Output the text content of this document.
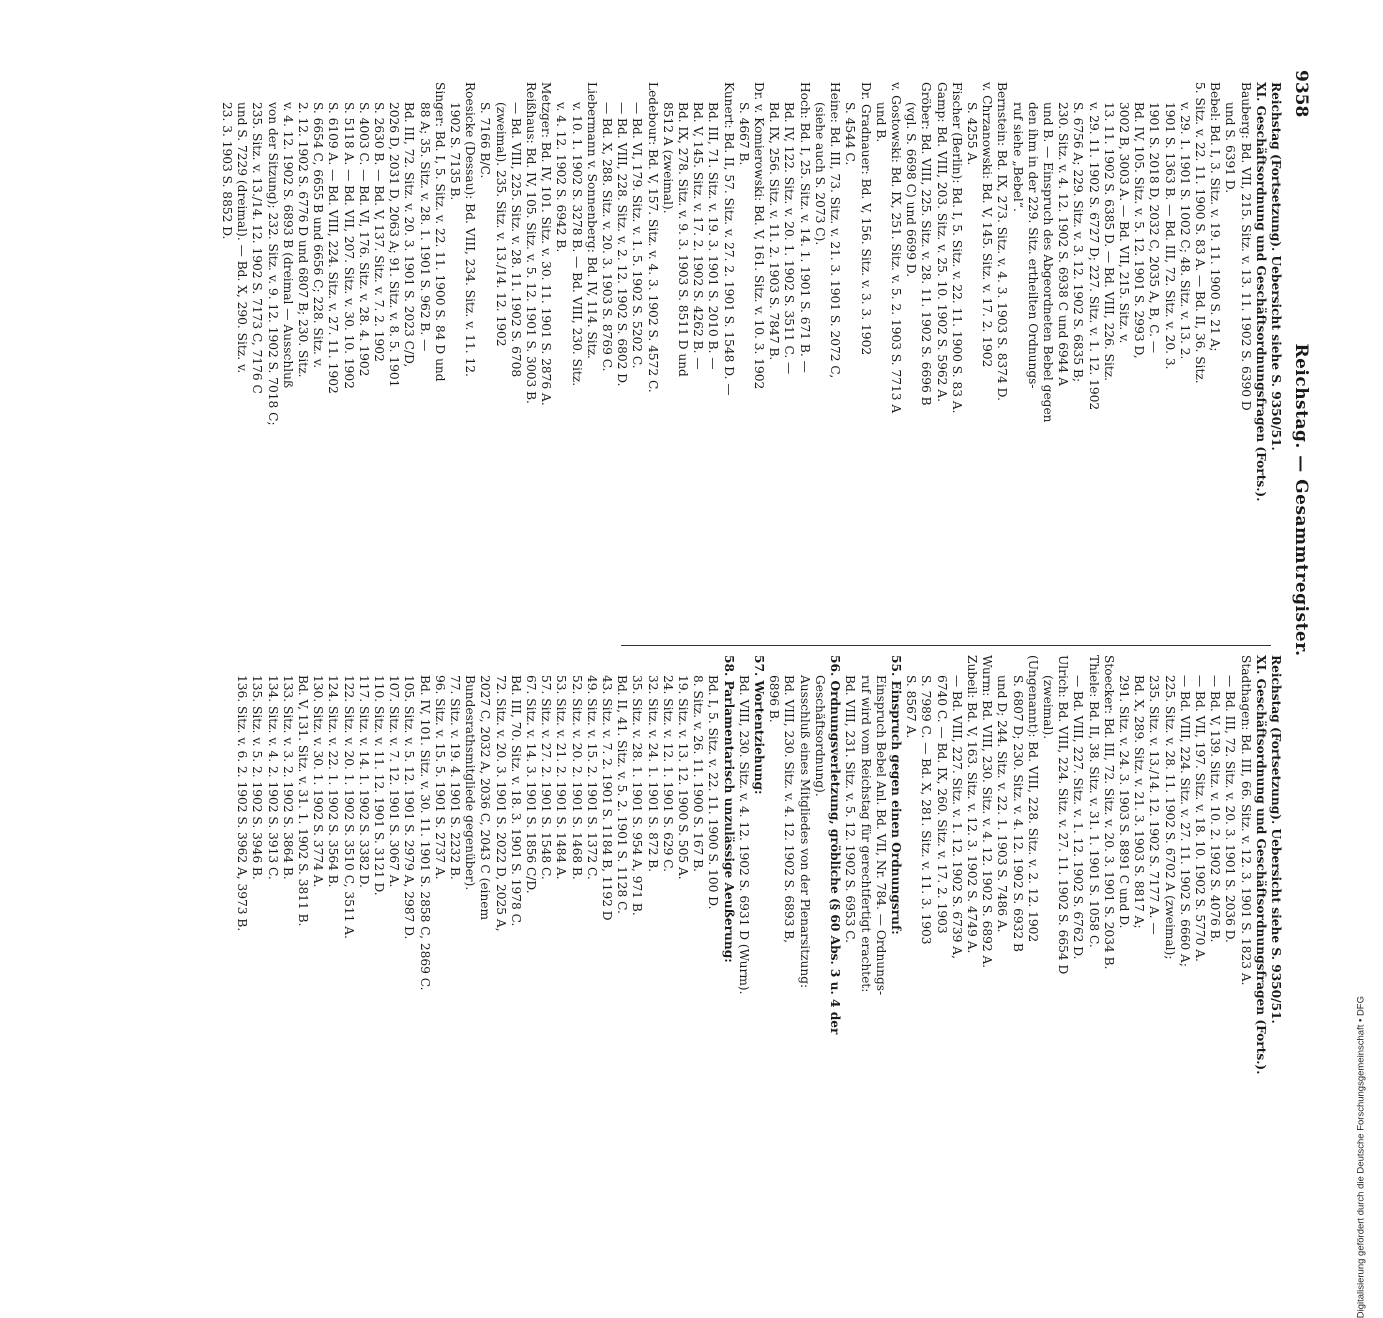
9358
Reichstag. — Gesammtregister.
Reichstag (Fortsetzung). Uebersicht siehe S. 9350/51.
XI. Geschäftsordnung und Geschäftsordnungsfragen (Forts.).
Bauberg: Bd. VII, 215. Sitz. v. 13. 11. 1902 S. 6390 D
und S. 6391 D.
Bebel: Bd. I, 3. Sitz. v. 19. 11. 1900 S. 21 A;
5. Sitz. v. 22. 11. 1900 S. 83 A. — Bd. II, 36. Sitz.
v. 29. 1. 1901 S. 1002 C; 48. Sitz. v. 13. 2.
1901 S. 1363 B. — Bd. III, 72. Sitz. v. 20. 3.
1901 S. 2018 D, 2032 C, 2035 A, B, C. —
Bd. IV, 105. Sitz. v. 5. 12. 1901 S. 2993 D,
3002 B, 3003 A. — Bd. VII, 215. Sitz. v.
13. 11. 1902 S. 6385 D. — Bd. VIII, 226. Sitz.
v. 29. 11. 1902 S. 6727 D; 227. Sitz. v. 1. 12. 1902
S. 6756 A; 229. Sitz. v. 3. 12. 1902 S. 6835 B;
230. Sitz. v. 4. 12. 1902 S. 6938 C und 6944 A
und B. — Einspruch des Abgeordneten Bebel gegen
den ihm in der 229. Sitz. ertheilten Ordnungs-
ruf siehe „Bebel“.
Bernstein: Bd. IX, 273. Sitz. v. 4. 3. 1903 S. 8374 D.
v. Chrzanowski: Bd. V, 145. Sitz. v. 17. 2. 1902
S. 4255 A.
Fischer (Berlin): Bd. I, 5. Sitz. v. 22. 11. 1900 S. 83 A.
Gamp: Bd. VIII, 203. Sitz. v. 25. 10. 1902 S. 5962 A.
Gröber: Bd. VIII, 225. Sitz. v. 28. 11. 1902 S. 6696 B
(vgl. S. 6698 C) und 6699 D.
v. Gostowski: Bd. IX, 251. Sitz. v. 5. 2. 1903 S. 7713 A
und B.
Dr. Gradnauer: Bd. V, 156. Sitz. v. 3. 3. 1902
S. 4544 C.
Heine: Bd. III, 73. Sitz. v. 21. 3. 1901 S. 2072 C,
(siehe auch S. 2073 C).
Hoch: Bd. I, 25. Sitz. v. 14. 1. 1901 S. 671 B. —
Bd. IV, 122. Sitz. v. 20. 1. 1902 S. 3511 C. —
Bd. IX, 256. Sitz. v. 11. 2. 1903 S. 7847 B.
Dr. v. Komierowski: Bd. V, 161. Sitz. v. 10. 3. 1902
S. 4667 B.
Kunert: Bd. II, 57. Sitz. v. 27. 2. 1901 S. 1548 D. —
Bd. III, 71. Sitz. v. 19. 3. 1901 S. 2010 B. —
Bd. V, 145. Sitz. v. 17. 2. 1902 S. 4262 B. —
Bd. IX, 278. Sitz. v. 9. 3. 1903 S. 8511 D und
8512 A (zweimal).
Ledebour: Bd. V, 157. Sitz. v. 4. 3. 1902 S. 4572 C.
— Bd. VI, 179. Sitz. v. 1. 5. 1902 S. 5202 C.
— Bd. VIII, 228. Sitz. v. 2. 12. 1902 S. 6802 D.
— Bd. X, 288. Sitz. v. 20. 3. 1903 S. 8769 C.
Liebermann v. Sonnenberg: Bd. IV, 114. Sitz.
v. 10. 1. 1902 S. 3278 B. — Bd. VIII, 230. Sitz.
v. 4. 12. 1902 S. 6942 B.
Metzger: Bd. IV, 101. Sitz. v. 30. 11. 1901 S. 2876 A.
Reißhaus: Bd. IV, 105. Sitz. v. 5. 12. 1901 S. 3003 B.
— Bd. VIII, 225. Sitz. v. 28. 11. 1902 S. 6708
(zweimal). 235. Sitz. v. 13./14. 12. 1902
S. 7166 B/C.
Roesicke (Dessau): Bd. VIII, 234. Sitz. v. 11. 12.
1902 S. 7135 B.
Singer: Bd. I, 5. Sitz. v. 22. 11. 1900 S. 84 D und
88 A; 35. Sitz. v. 28. 1. 1901 S. 962 B. —
Bd. III, 72. Sitz. v. 20. 3. 1901 S. 2023 C/D,
2026 D, 2031 D, 2063 A; 91. Sitz. v. 8. 5. 1901
S. 2630 B. — Bd. V, 137. Sitz. v. 7. 2. 1902
S. 4003 C. — Bd. VI, 176. Sitz. v. 28. 4. 1902
S. 5118 A. — Bd. VII, 207. Sitz. v. 30. 10. 1902
S. 6109 A. — Bd. VIII, 224. Sitz. v. 27. 11. 1902
S. 6654 C, 6655 B und 6656 C; 228. Sitz. v.
2. 12. 1902 S. 6776 D und 6807 B; 230. Sitz.
v. 4. 12. 1902 S. 6893 B (dreimal — Ausschluß
von der Sitzung); 232. Sitz. v. 9. 12. 1902 S. 7018 C;
235. Sitz. v. 13./14. 12. 1902 S. 7173 C, 7176 C
und S. 7229 (dreimal). — Bd. X, 290. Sitz. v.
23. 3. 1903 S. 8852 D.
Reichstag (Fortsetzung). Uebersicht siehe S. 9350/51.
XI. Geschäftsordnung und Geschäftsordnungsfragen (Forts.).
Stadthagen: Bd. III, 66. Sitz. v. 12. 3. 1901 S. 1823 A.
— Bd. III, 72. Sitz. v. 20. 3. 1901 S. 2036 D.
— Bd. V, 139. Sitz. v. 10. 2. 1902 S. 4076 B.
— Bd. VII, 197. Sitz. v. 18. 10. 1902 S. 5770 A.
— Bd. VIII, 224. Sitz. v. 27. 11. 1902 S. 6660 A;
225. Sitz. v. 28. 11. 1902 S. 6702 A (zweimal);
235. Sitz. v. 13./14. 12. 1902 S. 7177 A. —
Bd. X, 289. Sitz. v. 21. 3. 1903 S. 8817 A;
291. Sitz. v. 24. 3. 1903 S. 8891 C und D.
Stoecker: Bd. III, 72. Sitz. v. 20. 3. 1901 S. 2034 B.
Thiele: Bd. II, 38. Sitz. v. 31. 1. 1901 S. 1058 C.
— Bd. VIII, 227. Sitz. v. 1. 12. 1902 S. 6762 D.
Ulrich: Bd. VIII, 224. Sitz. v. 27. 11. 1902 S. 6654 D
(zweimal).
(Ungenannt): Bd. VIII, 228. Sitz. v. 2. 12. 1902
S. 6807 D; 230. Sitz. v. 4. 12. 1902 S. 6932 B
und D; 244. Sitz. v. 22. 1. 1903 S. 7486 A.
Wurm: Bd. VIII, 230. Sitz. v. 4. 12. 1902 S. 6892 A.
Zubeil: Bd. V, 163. Sitz. v. 12. 3. 1902 S. 4749 A.
— Bd. VIII, 227. Sitz. v. 1. 12. 1902 S. 6739 A,
6740 C. — Bd. IX, 260. Sitz. v. 17. 2. 1903
S. 7989 C. — Bd. X, 281. Sitz. v. 11. 3. 1903
S. 8567 A.
55. Einspruch gegen einen Ordnungsruf:
Einspruch Bebel Anl. Bd. VII, Nr. 784. — Ordnungs-
ruf wird vom Reichstag für gerechtfertigt erachtet:
Bd. VIII, 231. Sitz. v. 5. 12. 1902 S. 6953 C.
56. Ordnungsverletzung, gröbliche (§ 60 Abs. 3 u. 4 der
Geschäftsordnung).
Ausschluß eines Mitgliedes von der Plenarsitzung:
Bd. VIII, 230. Sitz. v. 4. 12. 1902 S. 6893 B,
6896 B.
57. Wortentziehung:
Bd. VIII, 230. Sitz. v. 4. 12. 1902 S. 6931 D (Wurm).
58. Parlamentarisch unzulässige Aeußerung:
Bd. I, 5. Sitz. v. 22. 11. 1900 S. 100 D.
8. Sitz. v. 26. 11. 1900 S. 167 B.
19. Sitz. v. 13. 12. 1900 S. 505 A.
24. Sitz. v. 12. 1. 1901 S. 629 C.
32. Sitz. v. 24. 1. 1901 S. 872 B.
35. Sitz. v. 28. 1. 1901 S. 954 A, 971 B.
Bd. II, 41. Sitz. v. 5. 2. 1901 S. 1128 C.
43. Sitz. v. 7. 2. 1901 S. 1184 B, 1192 D
49. Sitz. v. 15. 2. 1901 S. 1372 C.
52. Sitz. v. 20. 2. 1901 S. 1468 B.
53. Sitz. v. 21. 2. 1901 S. 1484 A.
57. Sitz. v. 27. 2. 1901 S. 1548 C.
67. Sitz. v. 14. 3. 1901 S. 1856 C/D.
Bd. III, 70. Sitz. v. 18. 3. 1901 S. 1978 C.
72. Sitz. v. 20. 3. 1901 S. 2022 D, 2025 A,
2027 C, 2032 A, 2036 C, 2043 C (einem
Bundesrathsmitgliede gegenüber).
77. Sitz. v. 19. 4. 1901 S. 2232 B.
96. Sitz. v. 15. 5. 1901 S. 2737 A.
Bd. IV, 101. Sitz. v. 30. 11. 1901 S. 2858 C, 2869 C.
105. Sitz. v. 5. 12. 1901 S. 2979 A, 2987 D.
107. Sitz. v. 7. 12. 1901 S. 3067 A.
110. Sitz. v. 11. 12. 1901 S. 3121 D.
117. Sitz. v. 14. 1. 1902 S. 3382 D.
122. Sitz. v. 20. 1. 1902 S. 3510 C, 3511 A.
124. Sitz. v. 22. 1. 1902 S. 3564 B.
130. Sitz. v. 30. 1. 1902 S. 3774 A.
Bd. V, 131. Sitz. v. 31. 1. 1902 S. 3811 B.
133. Sitz. v. 3. 2. 1902 S. 3864 B.
134. Sitz. v. 4. 2. 1902 S. 3913 C.
135. Sitz. v. 5. 2. 1902 S. 3946 B.
136. Sitz. v. 6. 2. 1902 S. 3962 A, 3973 B.
Digitalisierung gefördert durch die Deutsche Forschungsgemeinschaft • DFG
